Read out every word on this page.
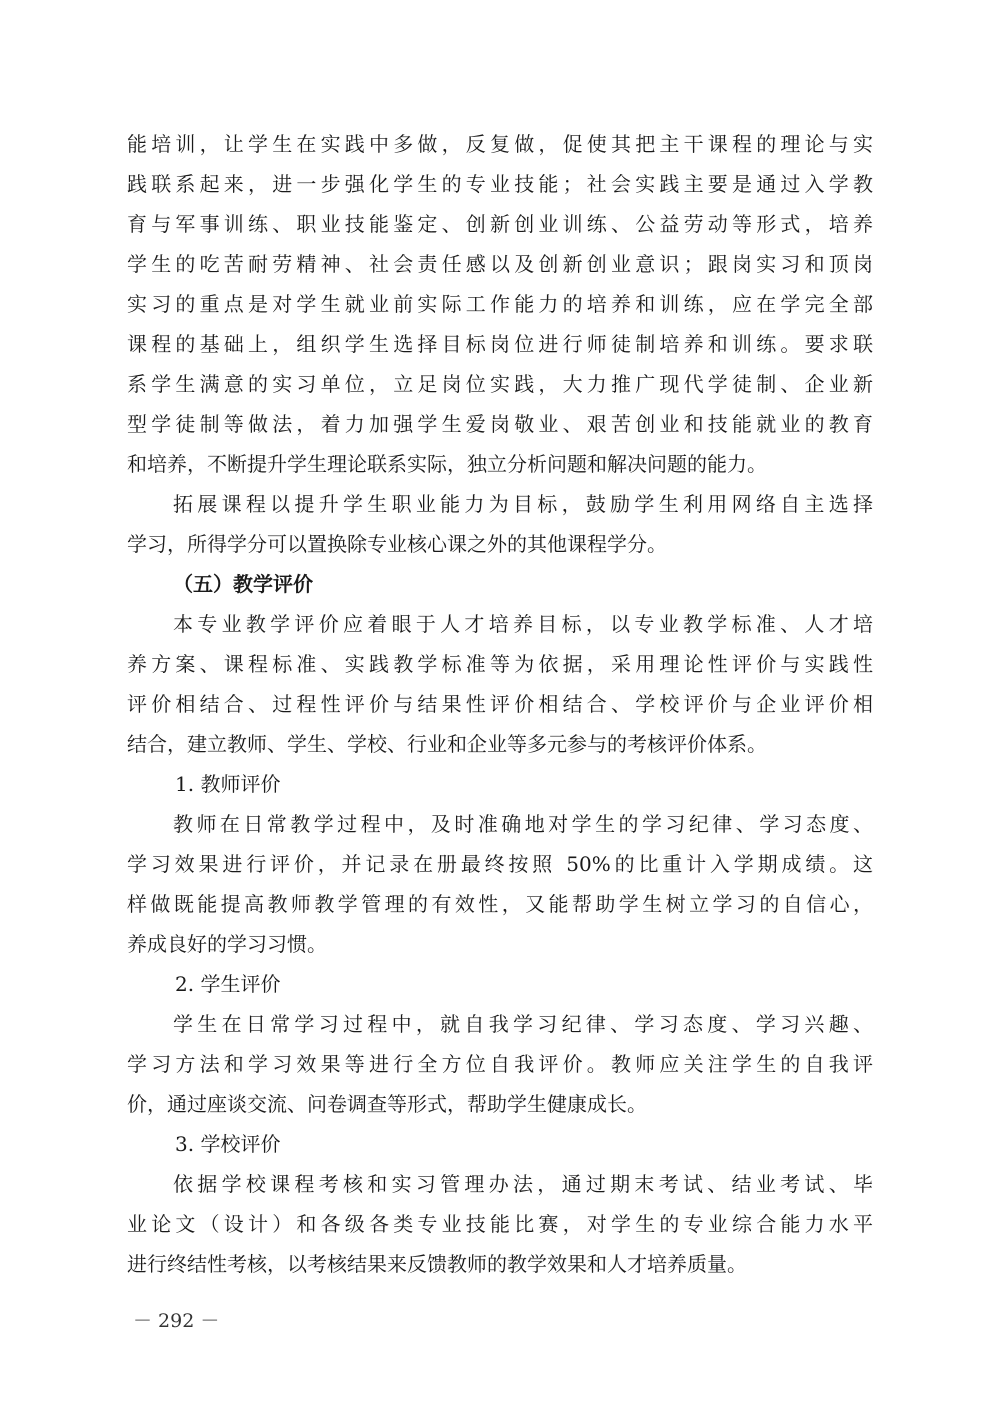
能培训，让学生在实践中多做，反复做，促使其把主干课程的理论与实
践联系起来，进一步强化学生的专业技能；社会实践主要是通过入学教
育与军事训练、职业技能鉴定、创新创业训练、公益劳动等形式，培养
学生的吃苦耐劳精神、社会责任感以及创新创业意识；跟岗实习和顶岗
实习的重点是对学生就业前实际工作能力的培养和训练，应在学完全部
课程的基础上，组织学生选择目标岗位进行师徒制培养和训练。要求联
系学生满意的实习单位，立足岗位实践，大力推广现代学徒制、企业新
型学徒制等做法，着力加强学生爱岗敬业、艰苦创业和技能就业的教育
和培养，不断提升学生理论联系实际，独立分析问题和解决问题的能力。
拓展课程以提升学生职业能力为目标，鼓励学生利用网络自主选择
学习，所得学分可以置换除专业核心课之外的其他课程学分。
（五）教学评价
本专业教学评价应着眼于人才培养目标，以专业教学标准、人才培
养方案、课程标准、实践教学标准等为依据，采用理论性评价与实践性
评价相结合、过程性评价与结果性评价相结合、学校评价与企业评价相
结合，建立教师、学生、学校、行业和企业等多元参与的考核评价体系。
1. 教师评价
教师在日常教学过程中，及时准确地对学生的学习纪律、学习态度、
学习效果进行评价，并记录在册最终按照 50%的比重计入学期成绩。这
样做既能提高教师教学管理的有效性，又能帮助学生树立学习的自信心，
养成良好的学习习惯。
2. 学生评价
学生在日常学习过程中，就自我学习纪律、学习态度、学习兴趣、
学习方法和学习效果等进行全方位自我评价。教师应关注学生的自我评
价，通过座谈交流、问卷调查等形式，帮助学生健康成长。
3. 学校评价
依据学校课程考核和实习管理办法，通过期末考试、结业考试、毕
业论文（设计）和各级各类专业技能比赛，对学生的专业综合能力水平
进行终结性考核，以考核结果来反馈教师的教学效果和人才培养质量。
－ 292 －
